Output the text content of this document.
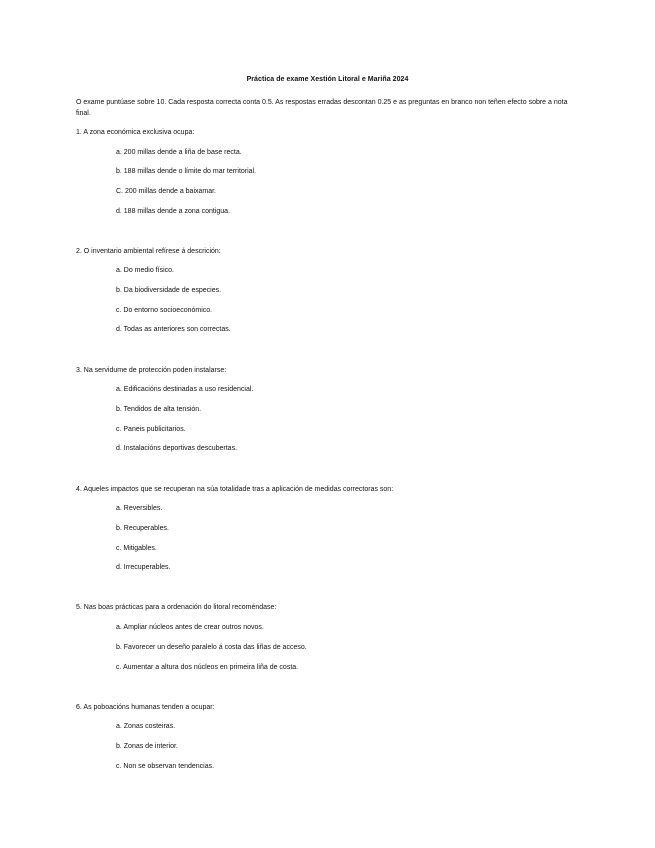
Práctica de exame Xestión Litoral e Mariña 2024
O exame puntúase sobre 10. Cada resposta correcta conta 0.5. As respostas erradas descontan 0.25 e as preguntas en branco non teñen efecto sobre a nota final.
1. A zona económica exclusiva ocupa:
a. 200 millas dende a liña de base recta.
b. 188 millas dende o límite do mar territorial.
C. 200 millas dende a baixamar.
d. 188 millas dende a zona contigua.
2. O inventario ambiental refírese á descrición:
a. Do medio físico.
b. Da biodiversidade de especies.
c. Do entorno socioeconómico.
d. Todas as anteriores son correctas.
3. Na servidume de protección poden instalarse:
a. Edificacións destinadas a uso residencial.
b. Tendidos de alta tensión.
c. Paneis publicitarios.
d. Instalacións deportivas descubertas.
4. Aqueles impactos que se recuperan na súa totalidade tras a aplicación de medidas correctoras son:
a. Reversibles.
b. Recuperables.
c. Mitigables.
d. Irrecuperables.
5. Nas boas prácticas para a ordenación do litoral recoméndase:
a. Ampliar núcleos antes de crear outros novos.
b. Favorecer un deseño paralelo á costa das liñas de acceso.
c. Aumentar a altura dos núcleos en primeira liña de costa.
6. As poboacións humanas tenden a ocupar:
a. Zonas costeiras.
b. Zonas de interior.
c. Non se observan tendencias.
